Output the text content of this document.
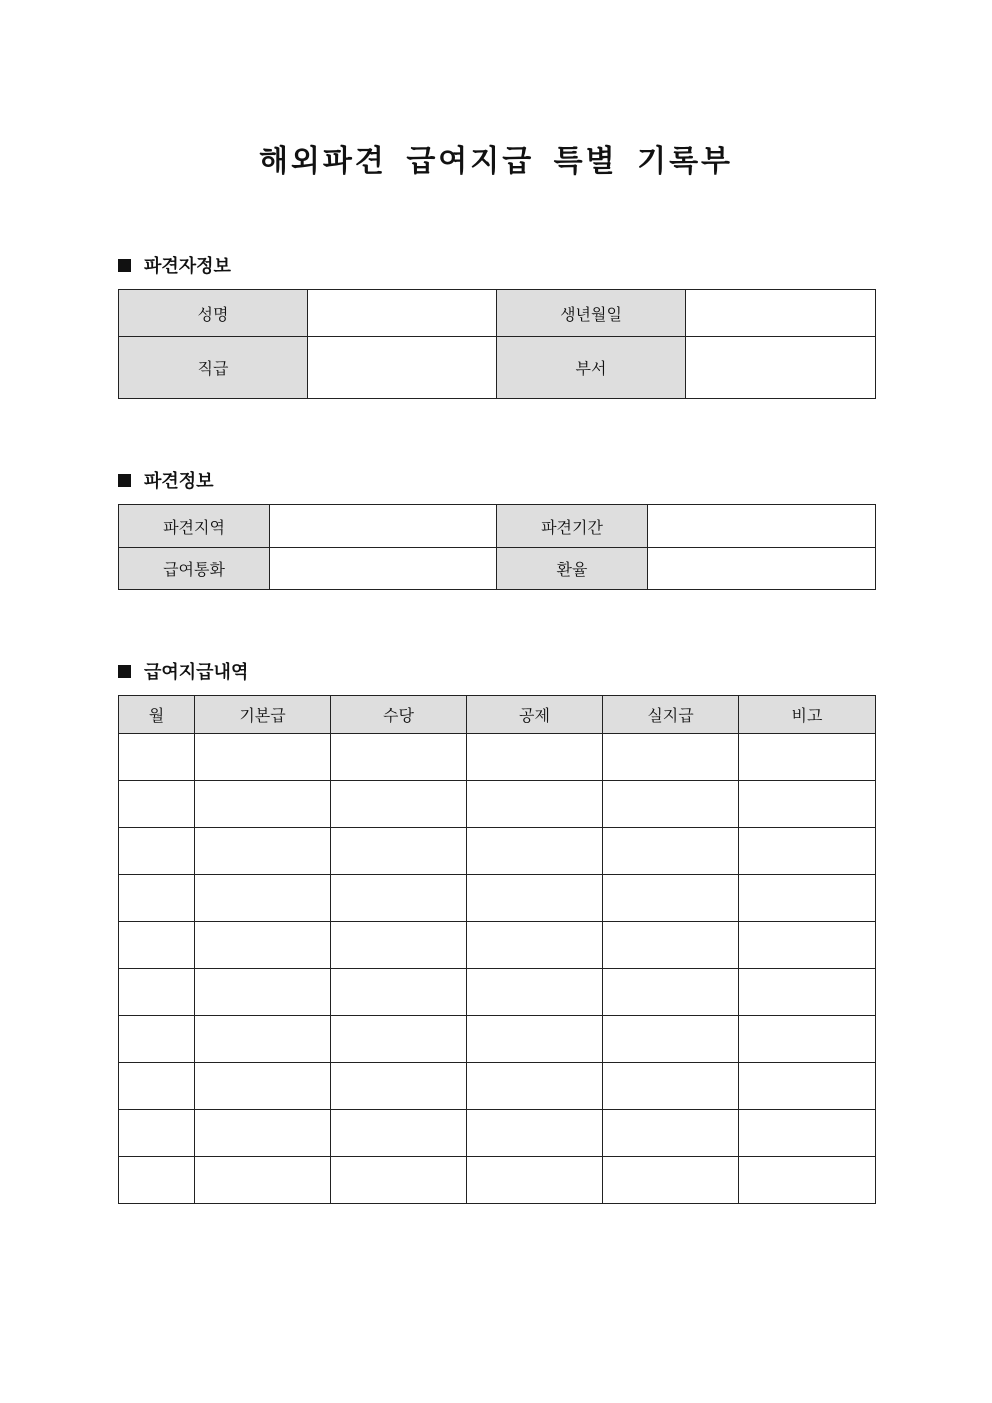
해외파견 급여지급 특별 기록부
파견자정보
성명		생년월일	
직급		부서	
파견정보
파견지역		파견기간	
급여통화		환율	
급여지급내역
월	기본급	수당	공제	실지급	비고
